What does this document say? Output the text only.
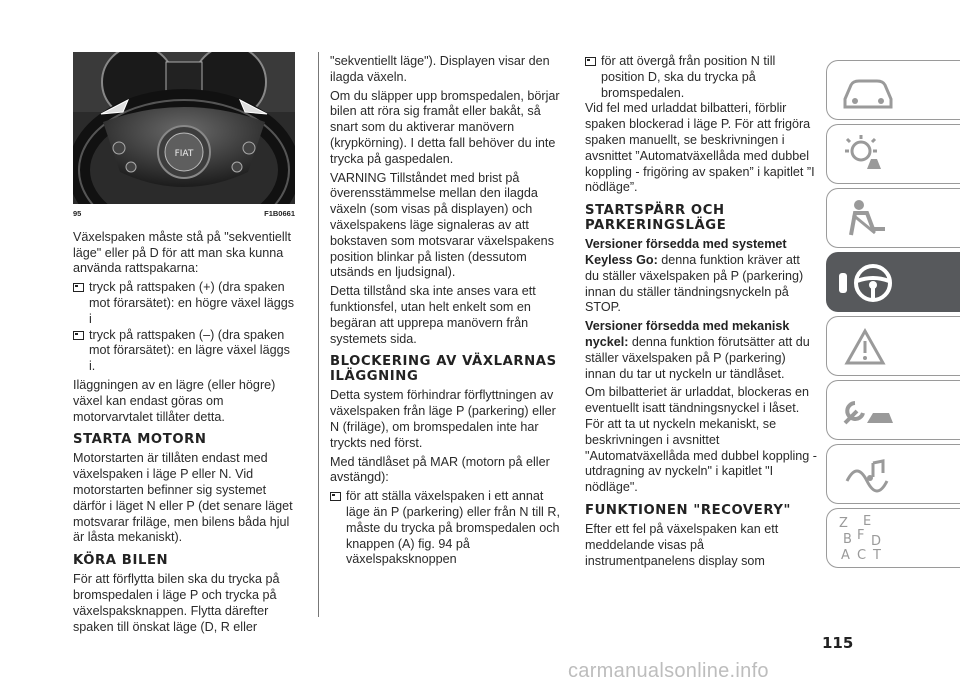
FIAT
95	F1B0661

Växelspaken måste stå på "sekventiellt läge" eller på D för att man ska kunna använda rattspakarna:

tryck på rattspaken (+) (dra spaken mot förarsätet): en högre växel läggs i
tryck på rattspaken (–) (dra spaken mot förarsätet): en lägre växel läggs i.

Iläggningen av en lägre (eller högre) växel kan endast göras om motorvarvtalet tillåter detta.

STARTA MOTORN

Motorstarten är tillåten endast med växelspaken i läge P eller N. Vid motorstarten befinner sig systemet därför i läget N eller P (det senare läget motsvarar friläge, men bilens båda hjul är låsta mekaniskt).

KÖRA BILEN

För att förflytta bilen ska du trycka på bromspedalen i läge P och trycka på växelspaksknappen. Flytta därefter spaken till önskat läge (D, R eller

"sekventiellt läge"). Displayen visar den ilagda växeln.

Om du släpper upp bromspedalen, börjar bilen att röra sig framåt eller bakåt, så snart som du aktiverar manövern (krypkörning). I detta fall behöver du inte trycka på gaspedalen.

VARNING Tillståndet med brist på överensstämmelse mellan den ilagda växeln (som visas på displayen) och växelspakens läge signaleras av att bokstaven som motsvarar växelspakens position blinkar på listen (dessutom utsänds en ljudsignal).

Detta tillstånd ska inte anses vara ett funktionsfel, utan helt enkelt som en begäran att upprepa manövern från systemets sida.

BLOCKERING AV VÄXLARNAS ILÄGGNING

Detta system förhindrar förflyttningen av växelspaken från läge P (parkering) eller N (friläge), om bromspedalen inte har tryckts ned först.

Med tändlåset på MAR (motorn på eller avstängd):

för att ställa växelspaken i ett annat läge än P (parkering) eller från N till R, måste du trycka på bromspedalen och knappen (A) fig. 94 på växelspaksknoppen
för att övergå från position N till position D, ska du trycka på bromspedalen.

Vid fel med urladdat bilbatteri, förblir spaken blockerad i läge P. För att frigöra spaken manuellt, se beskrivningen i avsnittet ”Automatväxellåda med dubbel koppling - frigöring av spaken” i kapitlet ”I nödläge”.

STARTSPÄRR OCH PARKERINGSLÄGE

Versioner försedda med systemet Keyless Go: denna funktion kräver att du ställer växelspaken på P (parkering) innan du ställer tändningsnyckeln på STOP.

Versioner försedda med mekanisk nyckel: denna funktion förutsätter att du ställer växelspaken på P (parkering) innan du tar ut nyckeln ur tändlåset.

Om bilbatteriet är urladdat, blockeras en eventuellt isatt tändningsnyckel i låset. För att ta ut nyckeln mekaniskt, se beskrivningen i avsnittet "Automatväxellåda med dubbel koppling - utdragning av nyckeln" i kapitlet "I nödläge".

FUNKTIONEN "RECOVERY"

Efter ett fel på växelspaken kan ett meddelande visas på instrumentpanelens display som

Z E
B F D
A C T
115
carmanualsonline.info
